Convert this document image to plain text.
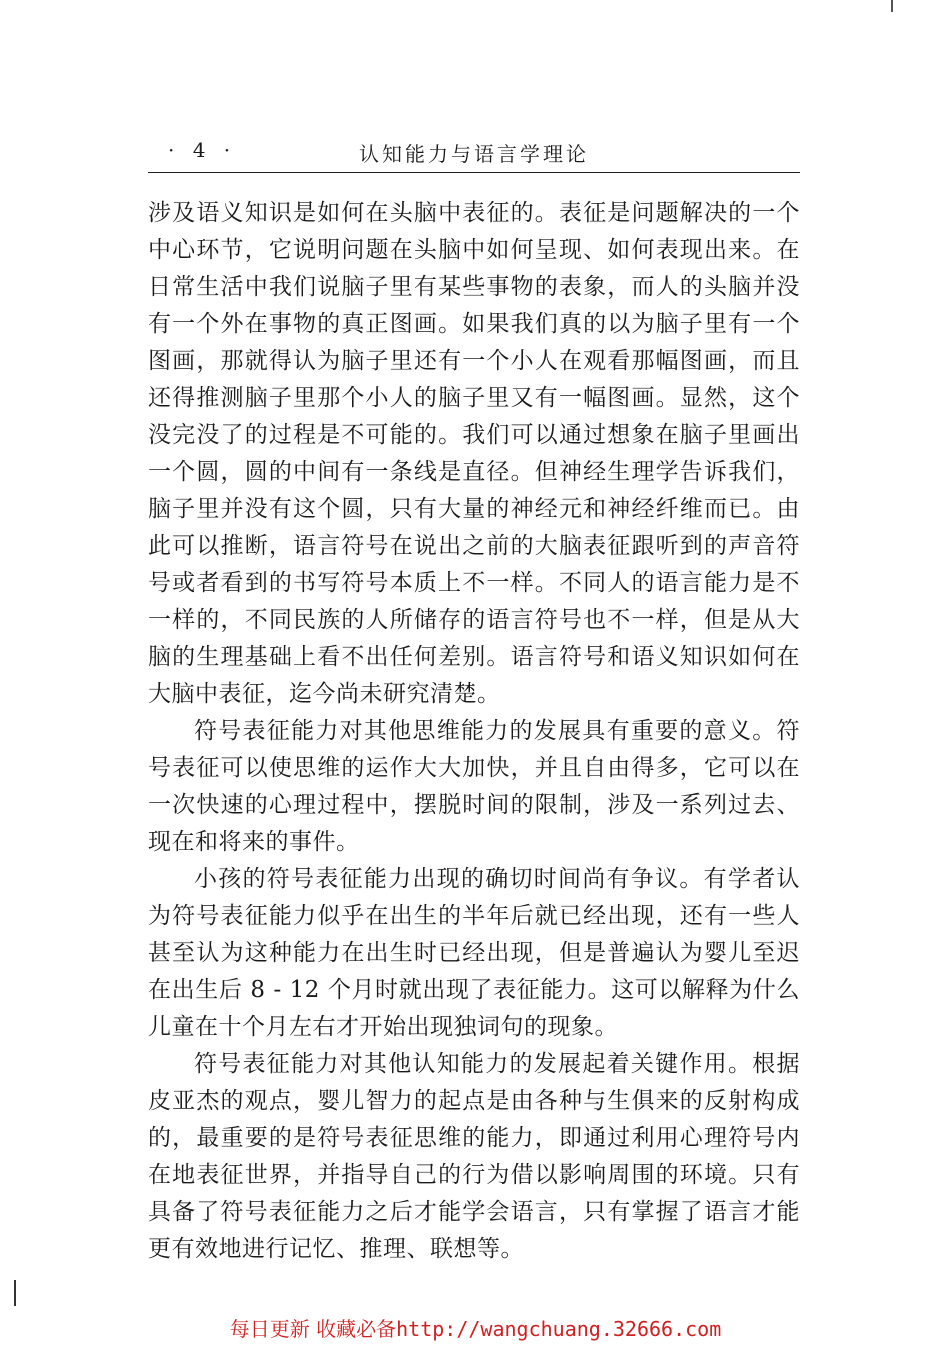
· 4 ·	认知能力与语言学理论

涉及语义知识是如何在头脑中表征的。表征是问题解决的一个中心环节，它说明问题在头脑中如何呈现、如何表现出来。在日常生活中我们说脑子里有某些事物的表象，而人的头脑并没有一个外在事物的真正图画。如果我们真的以为脑子里有一个图画，那就得认为脑子里还有一个小人在观看那幅图画，而且还得推测脑子里那个小人的脑子里又有一幅图画。显然，这个没完没了的过程是不可能的。我们可以通过想象在脑子里画出一个圆，圆的中间有一条线是直径。但神经生理学告诉我们，脑子里并没有这个圆，只有大量的神经元和神经纤维而已。由此可以推断，语言符号在说出之前的大脑表征跟听到的声音符号或者看到的书写符号本质上不一样。不同人的语言能力是不一样的，不同民族的人所储存的语言符号也不一样，但是从大脑的生理基础上看不出任何差别。语言符号和语义知识如何在大脑中表征，迄今尚未研究清楚。

符号表征能力对其他思维能力的发展具有重要的意义。符号表征可以使思维的运作大大加快，并且自由得多，它可以在一次快速的心理过程中，摆脱时间的限制，涉及一系列过去、现在和将来的事件。

小孩的符号表征能力出现的确切时间尚有争议。有学者认为符号表征能力似乎在出生的半年后就已经出现，还有一些人甚至认为这种能力在出生时已经出现，但是普遍认为婴儿至迟在出生后 8 - 12 个月时就出现了表征能力。这可以解释为什么儿童在十个月左右才开始出现独词句的现象。

符号表征能力对其他认知能力的发展起着关键作用。根据皮亚杰的观点，婴儿智力的起点是由各种与生俱来的反射构成的，最重要的是符号表征思维的能力，即通过利用心理符号内在地表征世界，并指导自己的行为借以影响周围的环境。只有具备了符号表征能力之后才能学会语言，只有掌握了语言才能更有效地进行记忆、推理、联想等。

每日更新 收藏必备http://wangchuang.32666.com
